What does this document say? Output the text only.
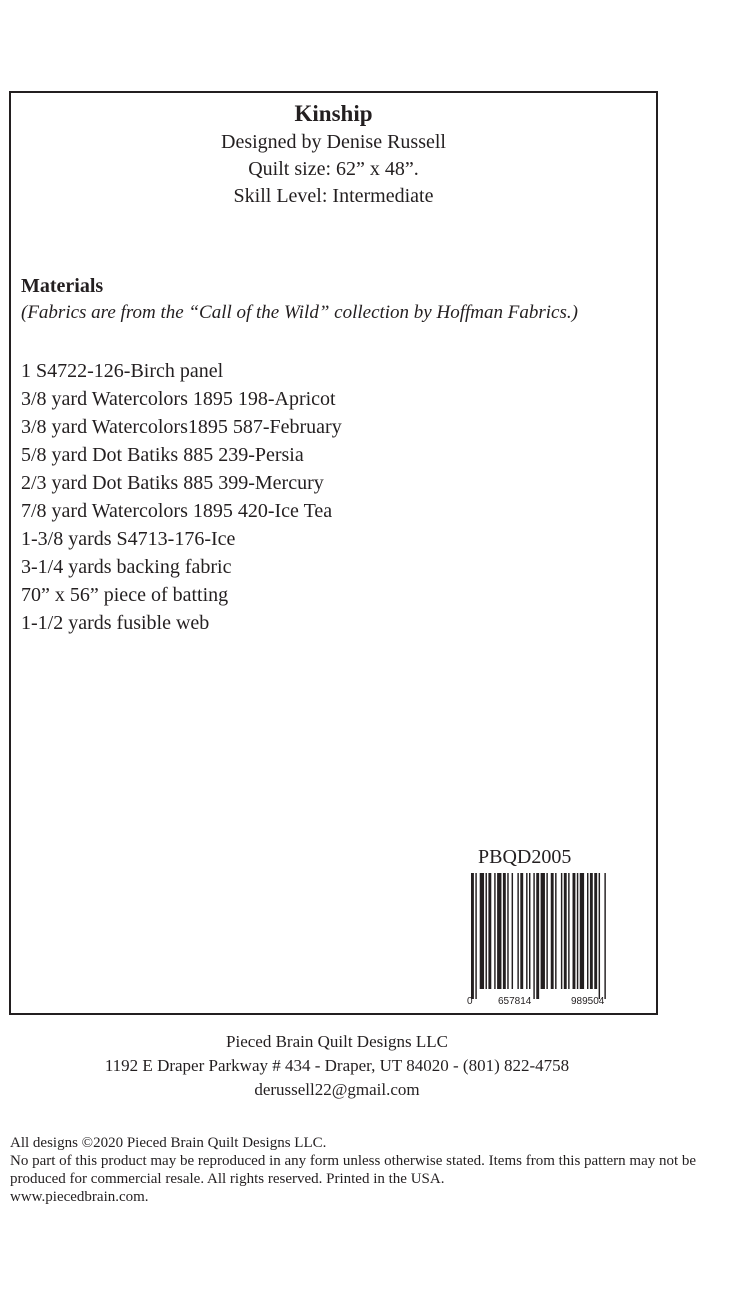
Kinship

Designed by Denise Russell

Quilt size: 62” x 48”.

Skill Level: Intermediate

Materials

(Fabrics are from the “Call of the Wild” collection by Hoffman Fabrics.)

1 S4722-126-Birch panel
3/8 yard Watercolors 1895 198-Apricot
3/8 yard Watercolors1895 587-February
5/8 yard Dot Batiks 885 239-Persia
2/3 yard Dot Batiks 885 399-Mercury
7/8 yard Watercolors 1895 420-Ice Tea
1-3/8 yards S4713-176-Ice
3-1/4 yards backing fabric
70” x 56” piece of batting
1-1/2 yards fusible web

PBQD2005

0	657814	989504

Pieced Brain Quilt Designs LLC

1192 E Draper Parkway # 434 - Draper, UT 84020 - (801) 822-4758

derussell22@gmail.com

All designs ©2020 Pieced Brain Quilt Designs LLC.

No part of this product may be reproduced in any form unless otherwise stated. Items from this pattern may not be produced for commercial resale. All rights reserved. Printed in the USA.

www.piecedbrain.com.
